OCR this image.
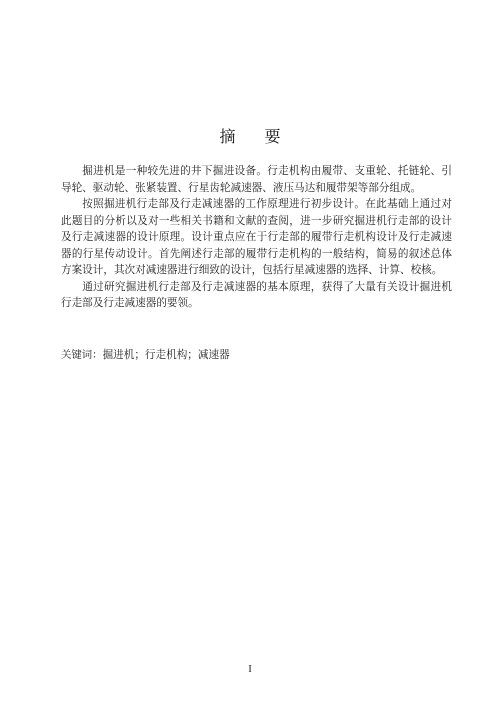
摘 要

掘进机是一种较先进的井下掘进设备。行走机构由履带、支重轮、托链轮、引导轮、驱动轮、张紧装置、行星齿轮减速器、液压马达和履带架等部分组成。

按照掘进机行走部及行走减速器的工作原理进行初步设计。在此基础上通过对此题目的分析以及对一些相关书籍和文献的查阅，进一步研究掘进机行走部的设计及行走减速器的设计原理。设计重点应在于行走部的履带行走机构设计及行走减速器的行星传动设计。首先阐述行走部的履带行走机构的一般结构，简易的叙述总体方案设计，其次对减速器进行细致的设计，包括行星减速器的选择、计算、校核。

通过研究掘进机行走部及行走减速器的基本原理，获得了大量有关设计掘进机行走部及行走减速器的要领。

关键词：掘进机；行走机构；减速器
I
